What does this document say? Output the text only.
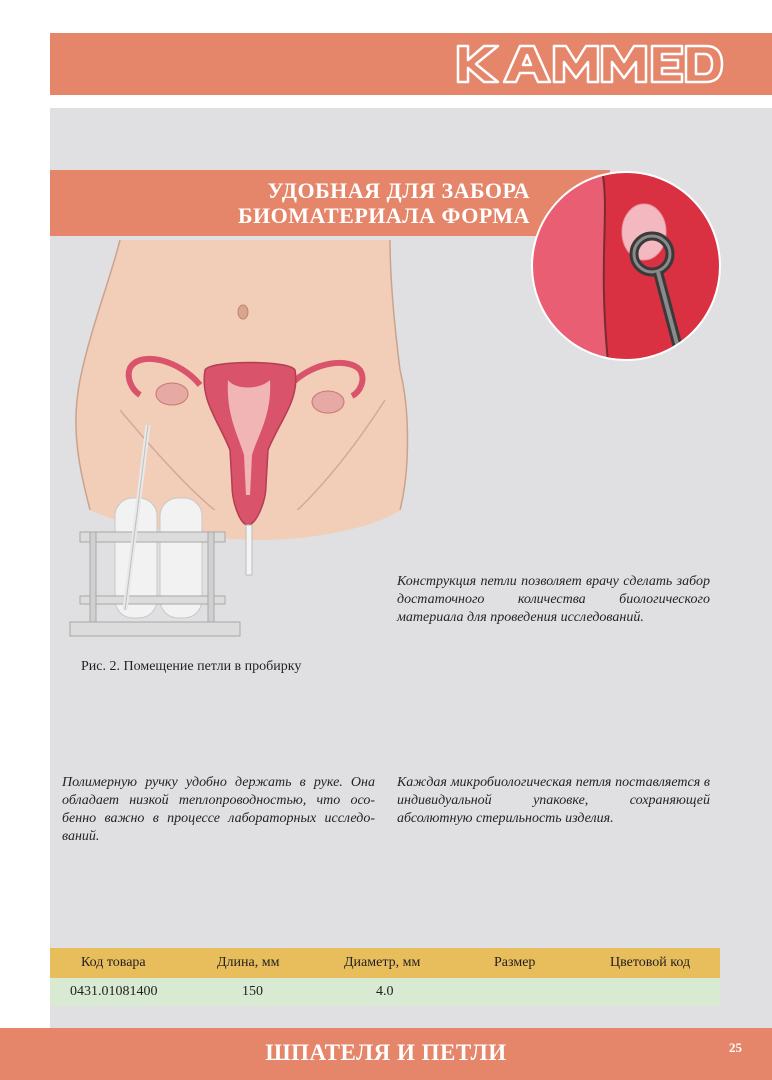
УДОБНАЯ ДЛЯ ЗАБОРА
БИОМАТЕРИАЛА ФОРМА
Конструкция петли позволяет врачу сделать забор достаточного количества биологического материала для проведения исследований.
Рис. 2. Помещение петли в пробирку
Полимерную ручку удобно держать в руке. Она обладает низкой теплопроводностью, что особенно важно в процессе лабораторных исследований.
Каждая микробиологическая петля поставляется в индивидуальной упаковке, сохраняющей абсолютную стерильность изделия.
Код товара	Длина, мм	Диаметр, мм	Размер	Цветовой код
0431.01081400	150	4.0
ШПАТЕЛЯ И ПЕТЛИ	25
